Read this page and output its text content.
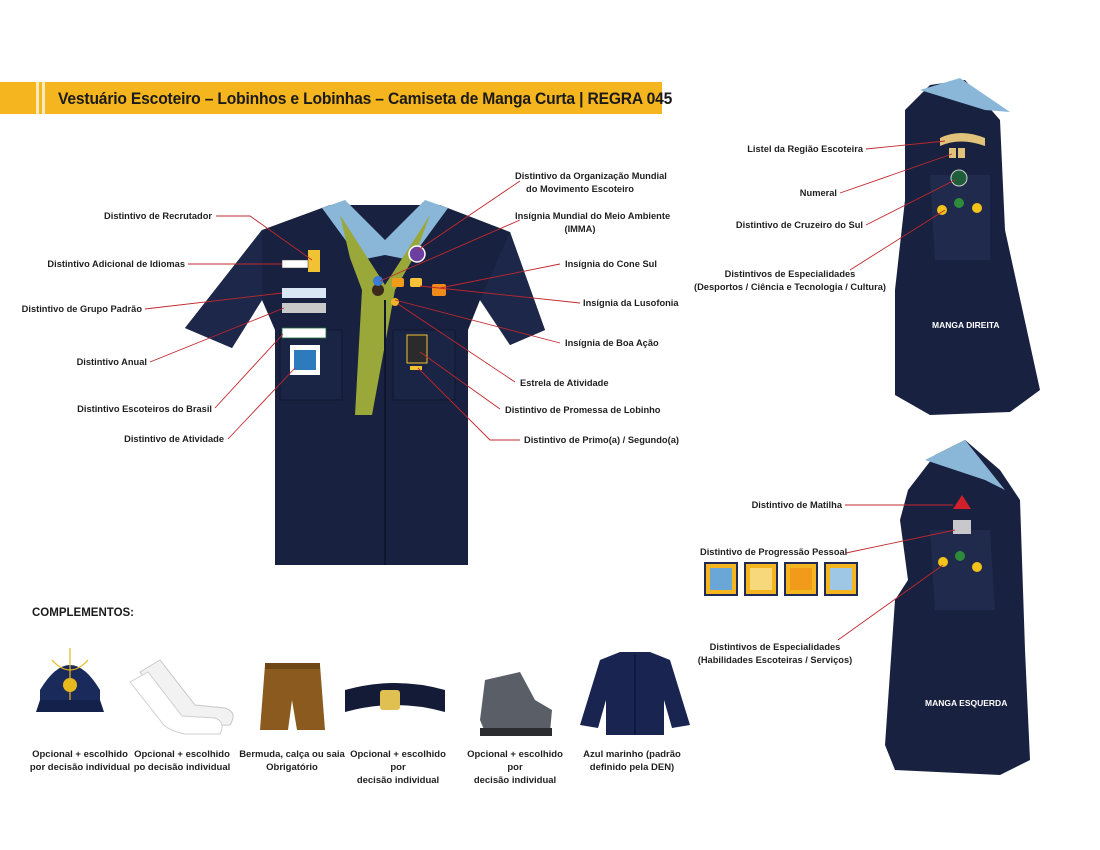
Vestuário Escoteiro – Lobinhos e Lobinhas – Camiseta de Manga Curta | REGRA 045
Distintivo de Recrutador
Distintivo Adicional de Idiomas
Distintivo de Grupo Padrão
Distintivo Anual
Distintivo Escoteiros do Brasil
Distintivo de Atividade
Distintivo da Organização Mundial
do Movimento Escoteiro
Insígnia Mundial do Meio Ambiente
(IMMA)
Insígnia do Cone Sul
Insígnia da Lusofonia
Insígnia de Boa Ação
Estrela de Atividade
Distintivo de Promessa de Lobinho
Distintivo de Primo(a) / Segundo(a)
Listel da Região Escoteira
Numeral
Distintivo de Cruzeiro do Sul
Distintivos de Especialidades
(Desportos / Ciência e Tecnologia / Cultura)
MANGA DIREITA
Distintivo de Matilha
Distintivo de Progressão Pessoal
Distintivos de Especialidades
(Habilidades Escoteiras / Serviços)
MANGA ESQUERDA
COMPLEMENTOS:
Opcional + escolhido
por decisão individual
Opcional + escolhido
po decisão individual
Bermuda, calça ou saia
Obrigatório
Opcional + escolhido por
decisão individual
Opcional + escolhido por
decisão individual
Azul marinho (padrão
definido pela DEN)
